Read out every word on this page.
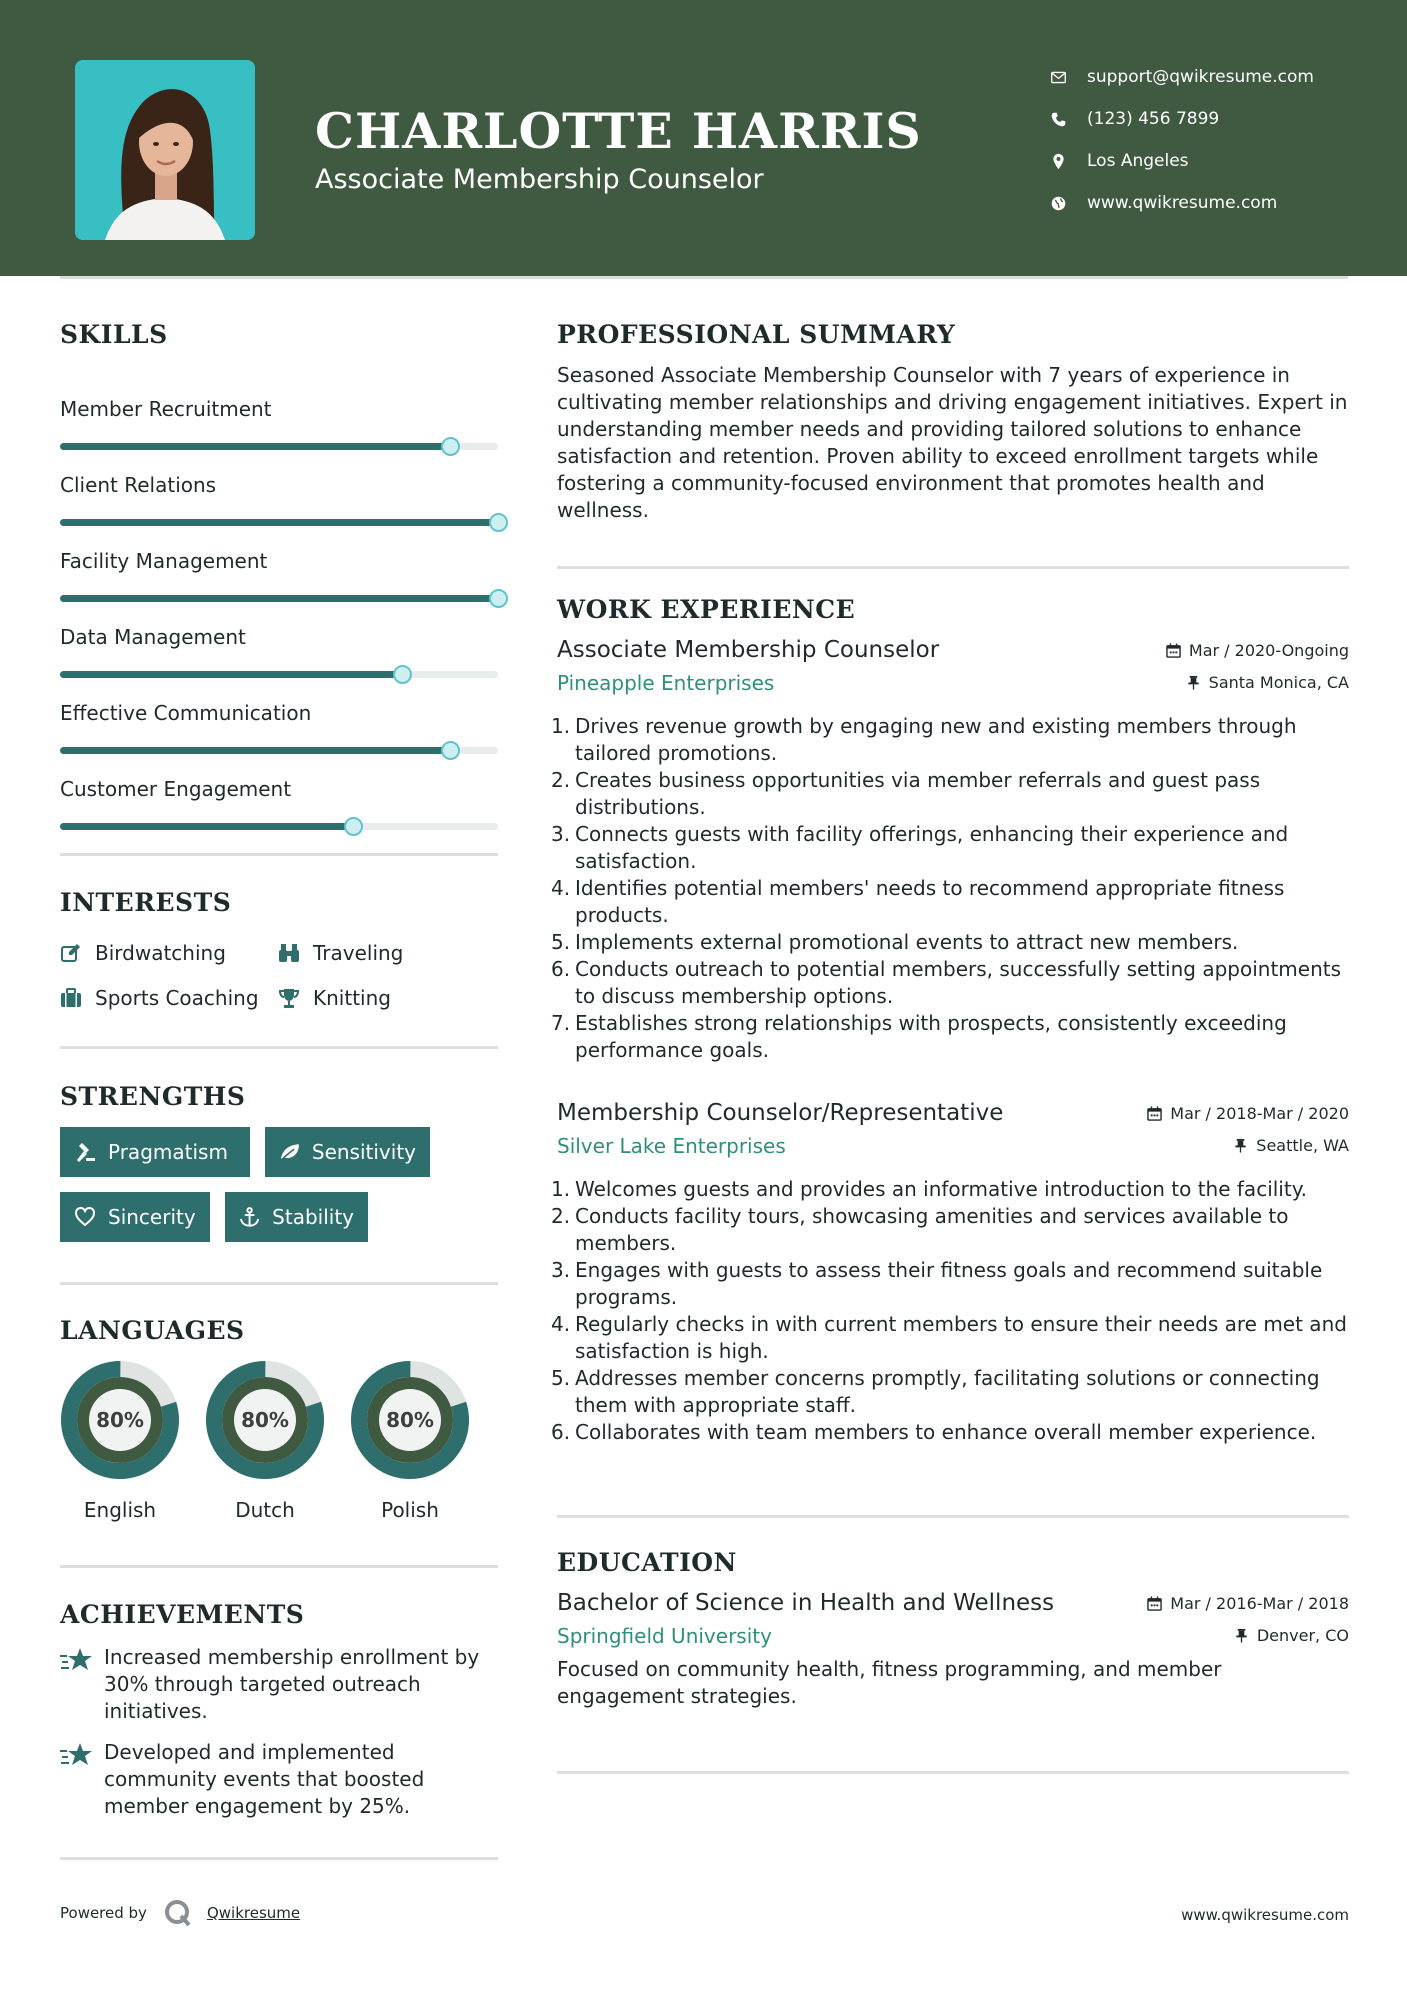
CHARLOTTE HARRIS
Associate Membership Counselor
support@qwikresume.com
(123) 456 7899
Los Angeles
www.qwikresume.com
SKILLS
Member Recruitment
Client Relations
Facility Management
Data Management
Effective Communication
Customer Engagement
INTERESTS
Birdwatching	Traveling
Sports Coaching	Knitting
STRENGTHS
Pragmatism	Sensitivity
Sincerity	Stability
LANGUAGES
80%
English
80%
Dutch
80%
Polish
ACHIEVEMENTS
Increased membership enrollment by 30% through targeted outreach initiatives.
Developed and implemented community events that boosted member engagement by 25%.
PROFESSIONAL SUMMARY
Seasoned Associate Membership Counselor with 7 years of experience in cultivating member relationships and driving engagement initiatives. Expert in understanding member needs and providing tailored solutions to enhance satisfaction and retention. Proven ability to exceed enrollment targets while fostering a community-focused environment that promotes health and wellness.
WORK EXPERIENCE
Associate Membership Counselor	Mar / 2020-Ongoing
Pineapple Enterprises	Santa Monica, CA
1. Drives revenue growth by engaging new and existing members through tailored promotions.
2. Creates business opportunities via member referrals and guest pass distributions.
3. Connects guests with facility offerings, enhancing their experience and satisfaction.
4. Identifies potential members' needs to recommend appropriate fitness products.
5. Implements external promotional events to attract new members.
6. Conducts outreach to potential members, successfully setting appointments to discuss membership options.
7. Establishes strong relationships with prospects, consistently exceeding performance goals.
Membership Counselor/Representative	Mar / 2018-Mar / 2020
Silver Lake Enterprises	Seattle, WA
1. Welcomes guests and provides an informative introduction to the facility.
2. Conducts facility tours, showcasing amenities and services available to members.
3. Engages with guests to assess their fitness goals and recommend suitable programs.
4. Regularly checks in with current members to ensure their needs are met and satisfaction is high.
5. Addresses member concerns promptly, facilitating solutions or connecting them with appropriate staff.
6. Collaborates with team members to enhance overall member experience.
EDUCATION
Bachelor of Science in Health and Wellness	Mar / 2016-Mar / 2018
Springfield University	Denver, CO
Focused on community health, fitness programming, and member engagement strategies.
Powered by	Qwikresume	www.qwikresume.com
